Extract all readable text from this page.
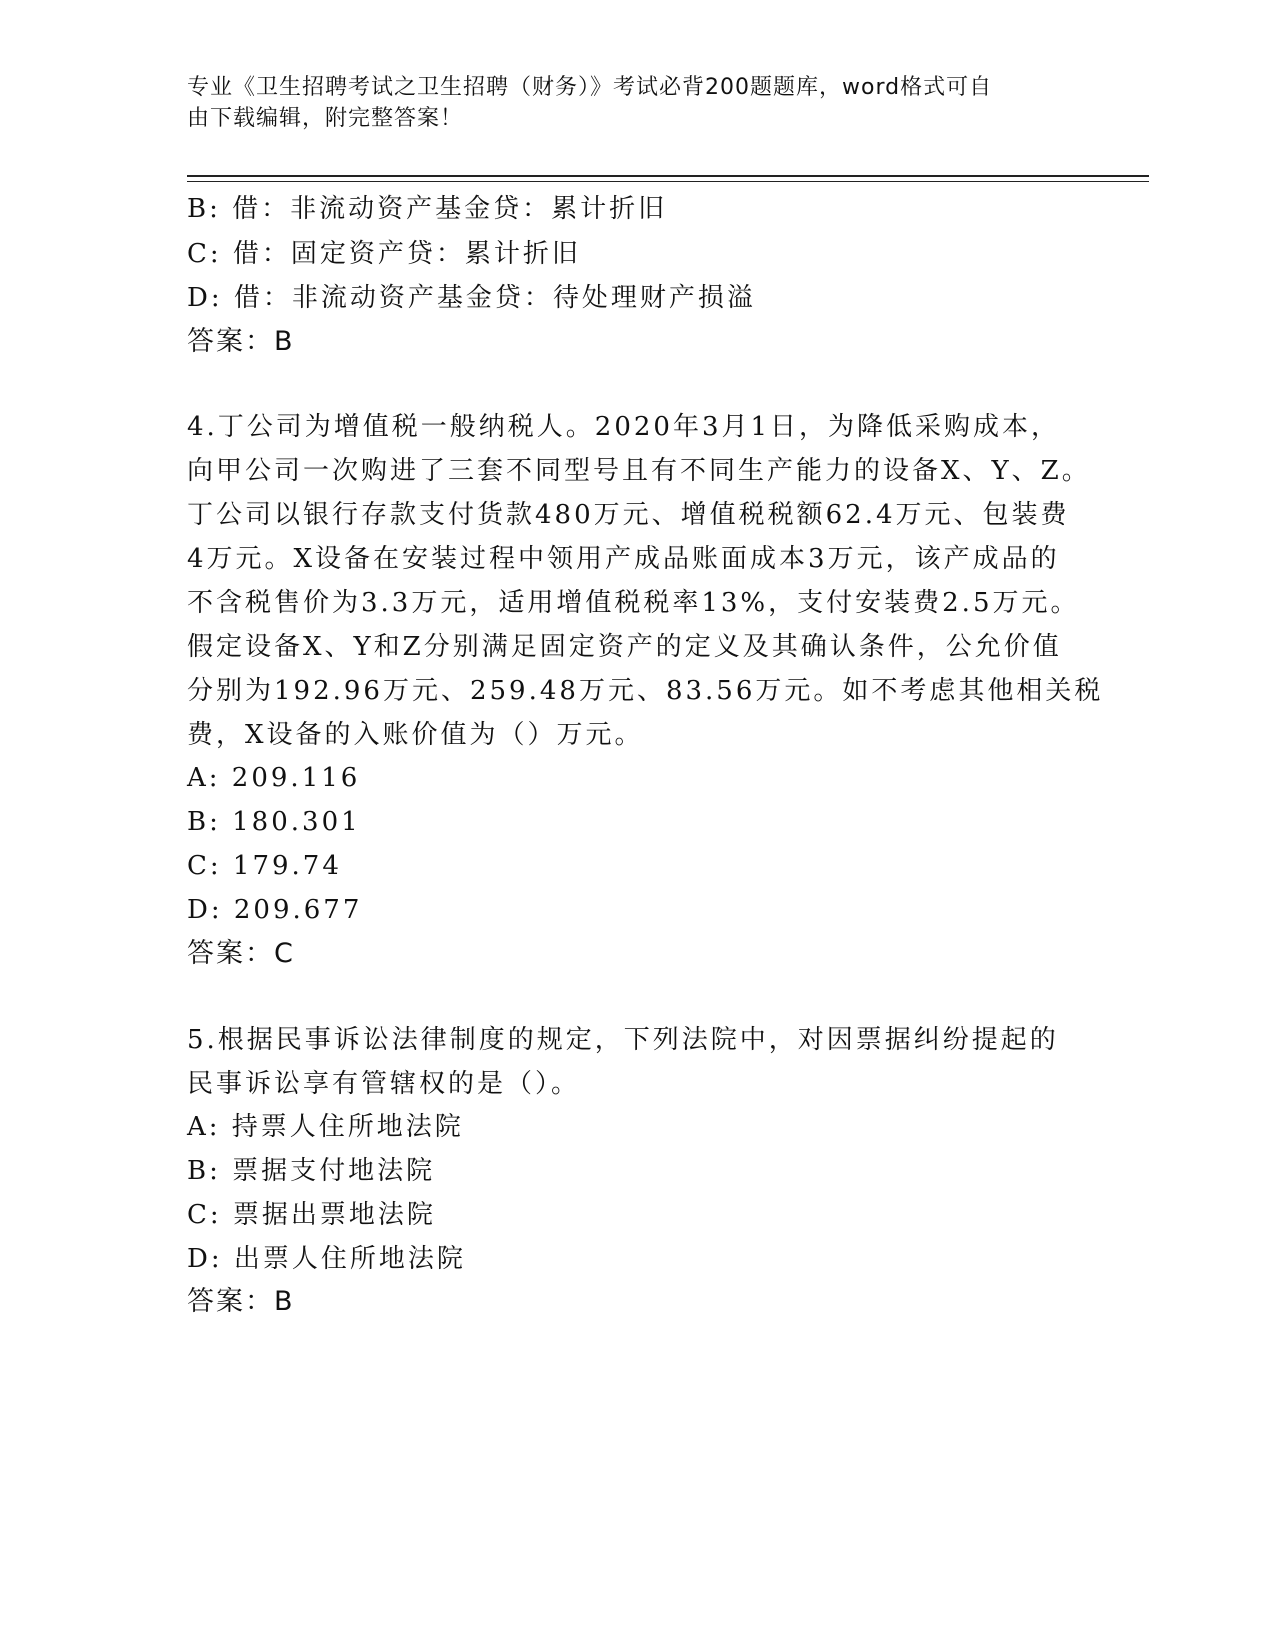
专业《卫生招聘考试之卫生招聘（财务）》考试必背200题题库，word格式可自
由下载编辑，附完整答案！
B: 借：非流动资产基金贷：累计折旧
C: 借：固定资产贷：累计折旧
D: 借：非流动资产基金贷：待处理财产损溢
答案：B
4.丁公司为增值税一般纳税人。2020年3月1日，为降低采购成本，
向甲公司一次购进了三套不同型号且有不同生产能力的设备X、Y、Z。
丁公司以银行存款支付货款480万元、增值税税额62.4万元、包装费
4万元。X设备在安装过程中领用产成品账面成本3万元，该产成品的
不含税售价为3.3万元，适用增值税税率13%，支付安装费2.5万元。
假定设备X、Y和Z分别满足固定资产的定义及其确认条件，公允价值
分别为192.96万元、259.48万元、83.56万元。如不考虑其他相关税
费，X设备的入账价值为（）万元。
A: 209.116
B: 180.301
C: 179.74
D: 209.677
答案：C
5.根据民事诉讼法律制度的规定，下列法院中，对因票据纠纷提起的
民事诉讼享有管辖权的是（）。
A: 持票人住所地法院
B: 票据支付地法院
C: 票据出票地法院
D: 出票人住所地法院
答案：B
